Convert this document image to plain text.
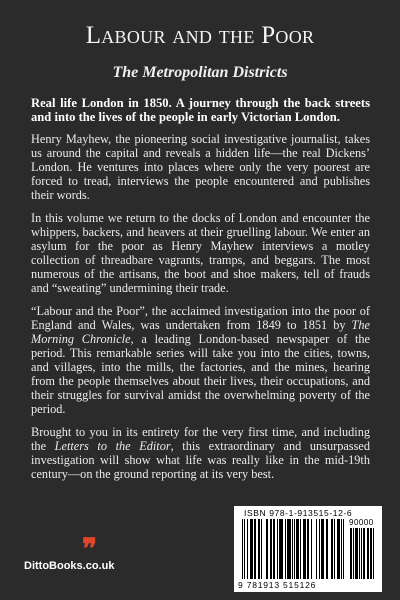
Labour and the Poor
The Metropolitan Districts

Real life London in 1850. A journey through the back streets and into the lives of the people in early Victorian London.

Henry Mayhew, the pioneering social investigative journalist, takes us around the capital and reveals a hidden life—the real Dickens’ London. He ventures into places where only the very poorest are forced to tread, interviews the people encountered and publishes their words.

In this volume we return to the docks of London and encounter the whippers, backers, and heavers at their gruelling labour. We enter an asylum for the poor as Henry Mayhew interviews a motley collection of threadbare vagrants, tramps, and beggars. The most numerous of the artisans, the boot and shoe makers, tell of frauds and “sweating” undermining their trade.

“Labour and the Poor”, the acclaimed investigation into the poor of England and Wales, was undertaken from 1849 to 1851 by The Morning Chronicle, a leading London-based newspaper of the period. This remarkable series will take you into the cities, towns, and villages, into the mills, the factories, and the mines, hearing from the people themselves about their lives, their occupations, and their struggles for survival amidst the overwhelming poverty of the period.

Brought to you in its entirety for the very first time, and including the Letters to the Editor, this extraordinary and unsurpassed investigation will show what life was really like in the mid-19th century—on the ground reporting at its very best.

❞
DittoBooks.co.uk
ISBN 978-1-913515-12-6
90000
9 781913 515126
